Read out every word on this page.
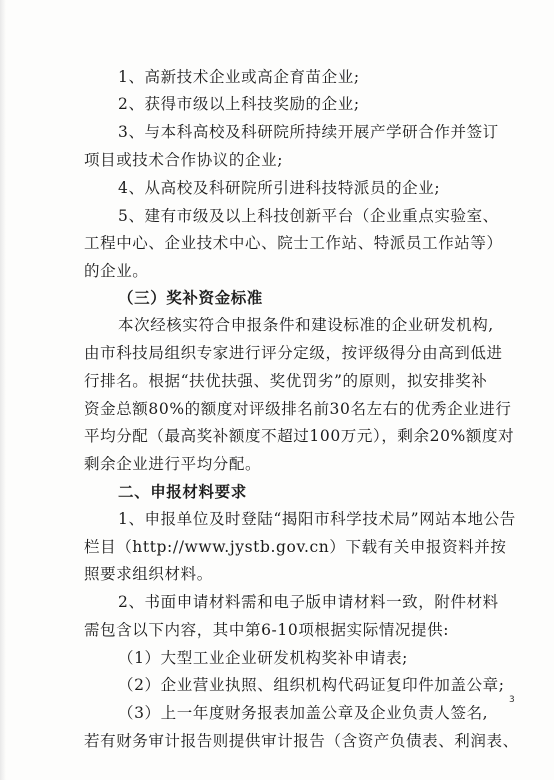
1、高新技术企业或高企育苗企业;
2、获得市级以上科技奖励的企业;
3、与本科高校及科研院所持续开展产学研合作并签订
项目或技术合作协议的企业;
4、从高校及科研院所引进科技特派员的企业;
5、建有市级及以上科技创新平台（企业重点实验室、
工程中心、企业技术中心、院士工作站、特派员工作站等）
的企业。
（三）奖补资金标准
本次经核实符合申报条件和建设标准的企业研发机构,
由市科技局组织专家进行评分定级，按评级得分由高到低进
行排名。根据“扶优扶强、奖优罚劣”的原则，拟安排奖补
资金总额80%的额度对评级排名前30名左右的优秀企业进行
平均分配（最高奖补额度不超过100万元），剩余20%额度对
剩余企业进行平均分配。
二、申报材料要求
1、申报单位及时登陆“揭阳市科学技术局”网站本地公告
栏目（http://www.jystb.gov.cn）下载有关申报资料并按
照要求组织材料。
2、书面申请材料需和电子版申请材料一致，附件材料
需包含以下内容，其中第6-10项根据实际情况提供:
（1）大型工业企业研发机构奖补申请表;
（2）企业营业执照、组织机构代码证复印件加盖公章;
（3）上一年度财务报表加盖公章及企业负责人签名,
若有财务审计报告则提供审计报告（含资产负债表、利润表、
3
